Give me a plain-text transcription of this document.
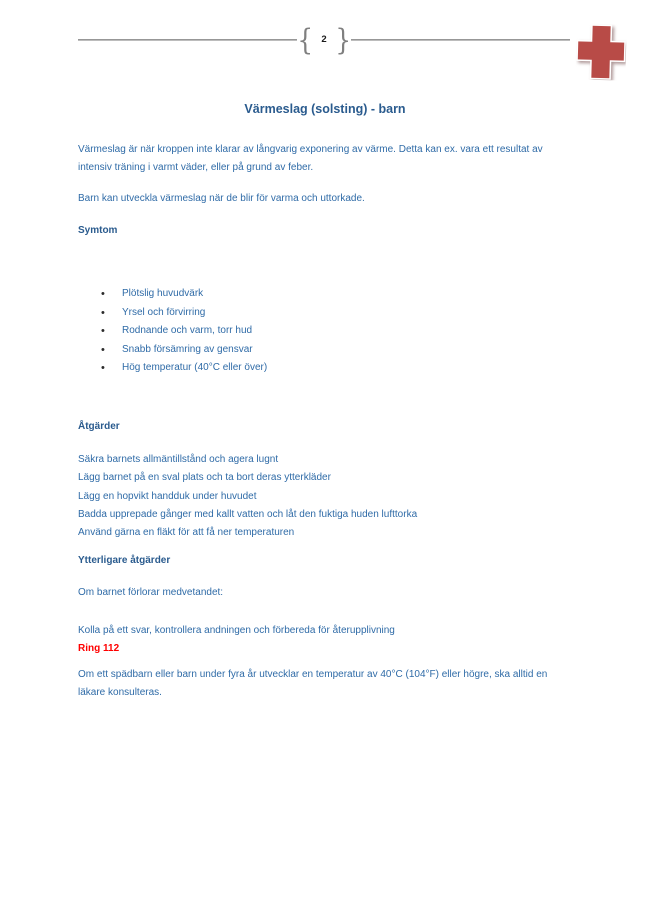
{ 2 }
Värmeslag (solsting) - barn
Värmeslag är när kroppen inte klarar av långvarig exponering av värme. Detta kan ex. vara ett resultat av intensiv träning i varmt väder, eller på grund av feber.
Barn kan utveckla värmeslag när de blir för varma och uttorkade.
Symtom
• Plötslig huvudvärk
• Yrsel och förvirring
• Rodnande och varm, torr hud
• Snabb försämring av gensvar
• Hög temperatur (40°C eller över)
Åtgärder
Säkra barnets allmäntillstånd och agera lugnt
Lägg barnet på en sval plats och ta bort deras ytterkläder
Lägg en hopvikt handduk under huvudet
Badda upprepade gånger med kallt vatten och låt den fuktiga huden lufttorka
Använd gärna en fläkt för att få ner temperaturen
Ytterligare åtgärder
Om barnet förlorar medvetandet:
Kolla på ett svar, kontrollera andningen och förbereda för återupplivning
Ring 112
Om ett spädbarn eller barn under fyra år utvecklar en temperatur av 40°C (104°F) eller högre, ska alltid en läkare konsulteras.
